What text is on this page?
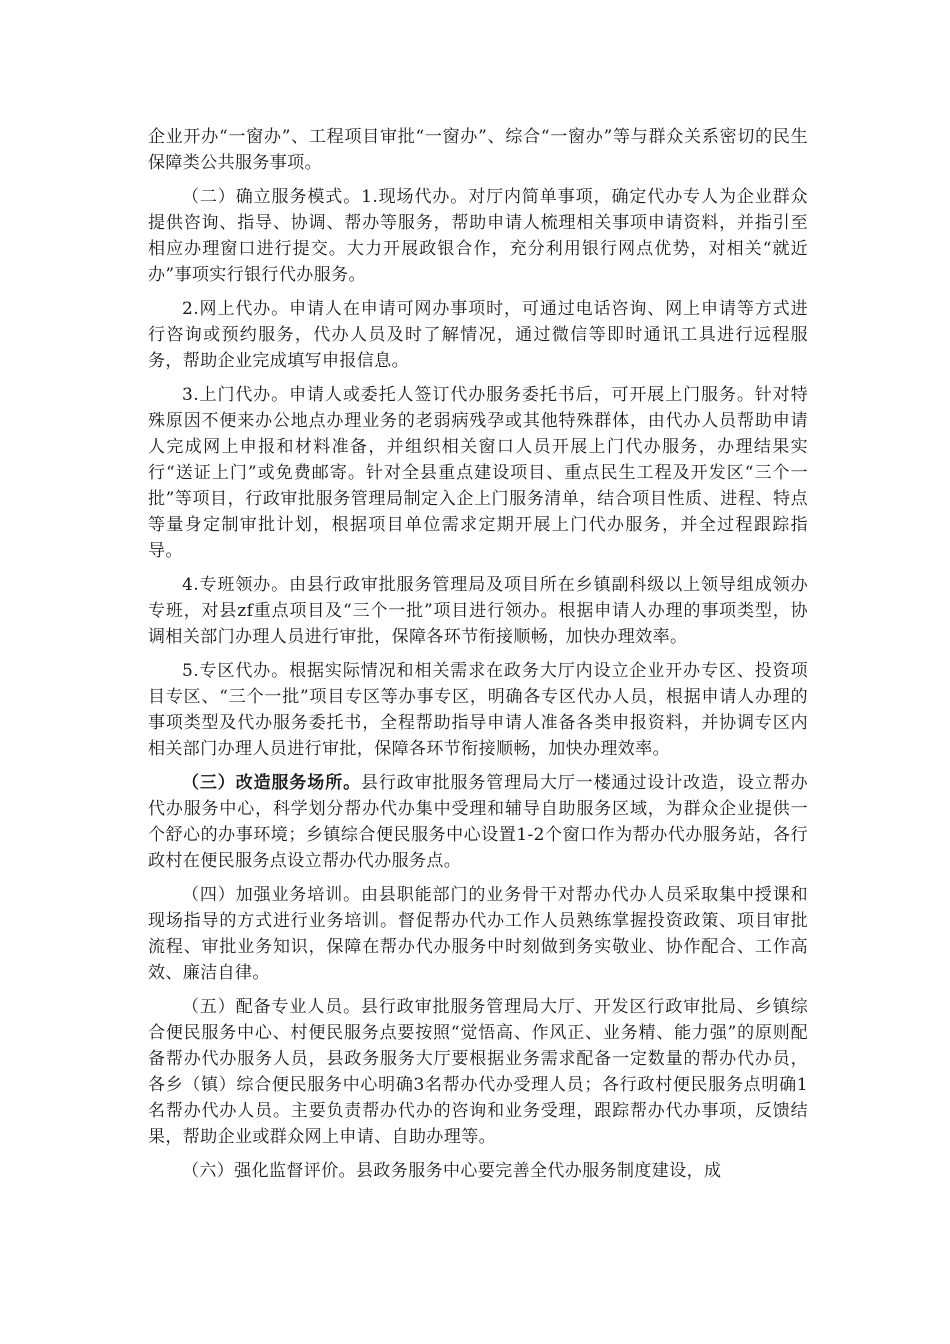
企业开办“一窗办”、工程项目审批“一窗办”、综合“一窗办”等与群众关系密切的民生保障类公共服务事项。

（二）确立服务模式。1.现场代办。对厅内简单事项，确定代办专人为企业群众提供咨询、指导、协调、帮办等服务，帮助申请人梳理相关事项申请资料，并指引至相应办理窗口进行提交。大力开展政银合作，充分利用银行网点优势，对相关“就近办”事项实行银行代办服务。

2.网上代办。申请人在申请可网办事项时，可通过电话咨询、网上申请等方式进行咨询或预约服务，代办人员及时了解情况，通过微信等即时通讯工具进行远程服务，帮助企业完成填写申报信息。

3.上门代办。申请人或委托人签订代办服务委托书后，可开展上门服务。针对特殊原因不便来办公地点办理业务的老弱病残孕或其他特殊群体，由代办人员帮助申请人完成网上申报和材料准备，并组织相关窗口人员开展上门代办服务，办理结果实行“送证上门”或免费邮寄。针对全县重点建设项目、重点民生工程及开发区“三个一批”等项目，行政审批服务管理局制定入企上门服务清单，结合项目性质、进程、特点等量身定制审批计划，根据项目单位需求定期开展上门代办服务，并全过程跟踪指导。

4.专班领办。由县行政审批服务管理局及项目所在乡镇副科级以上领导组成领办专班，对县zf重点项目及“三个一批”项目进行领办。根据申请人办理的事项类型，协调相关部门办理人员进行审批，保障各环节衔接顺畅，加快办理效率。

5.专区代办。根据实际情况和相关需求在政务大厅内设立企业开办专区、投资项目专区、“三个一批”项目专区等办事专区，明确各专区代办人员，根据申请人办理的事项类型及代办服务委托书，全程帮助指导申请人准备各类申报资料，并协调专区内相关部门办理人员进行审批，保障各环节衔接顺畅，加快办理效率。

（三）改造服务场所。县行政审批服务管理局大厅一楼通过设计改造，设立帮办代办服务中心，科学划分帮办代办集中受理和辅导自助服务区域，为群众企业提供一个舒心的办事环境；乡镇综合便民服务中心设置1-2个窗口作为帮办代办服务站，各行政村在便民服务点设立帮办代办服务点。

（四）加强业务培训。由县职能部门的业务骨干对帮办代办人员采取集中授课和现场指导的方式进行业务培训。督促帮办代办工作人员熟练掌握投资政策、项目审批流程、审批业务知识，保障在帮办代办服务中时刻做到务实敬业、协作配合、工作高效、廉洁自律。

（五）配备专业人员。县行政审批服务管理局大厅、开发区行政审批局、乡镇综合便民服务中心、村便民服务点要按照“觉悟高、作风正、业务精、能力强”的原则配备帮办代办服务人员，县政务服务大厅要根据业务需求配备一定数量的帮办代办员，各乡（镇）综合便民服务中心明确3名帮办代办受理人员；各行政村便民服务点明确1名帮办代办人员。主要负责帮办代办的咨询和业务受理，跟踪帮办代办事项，反馈结果，帮助企业或群众网上申请、自助办理等。

（六）强化监督评价。县政务服务中心要完善全代办服务制度建设，成
